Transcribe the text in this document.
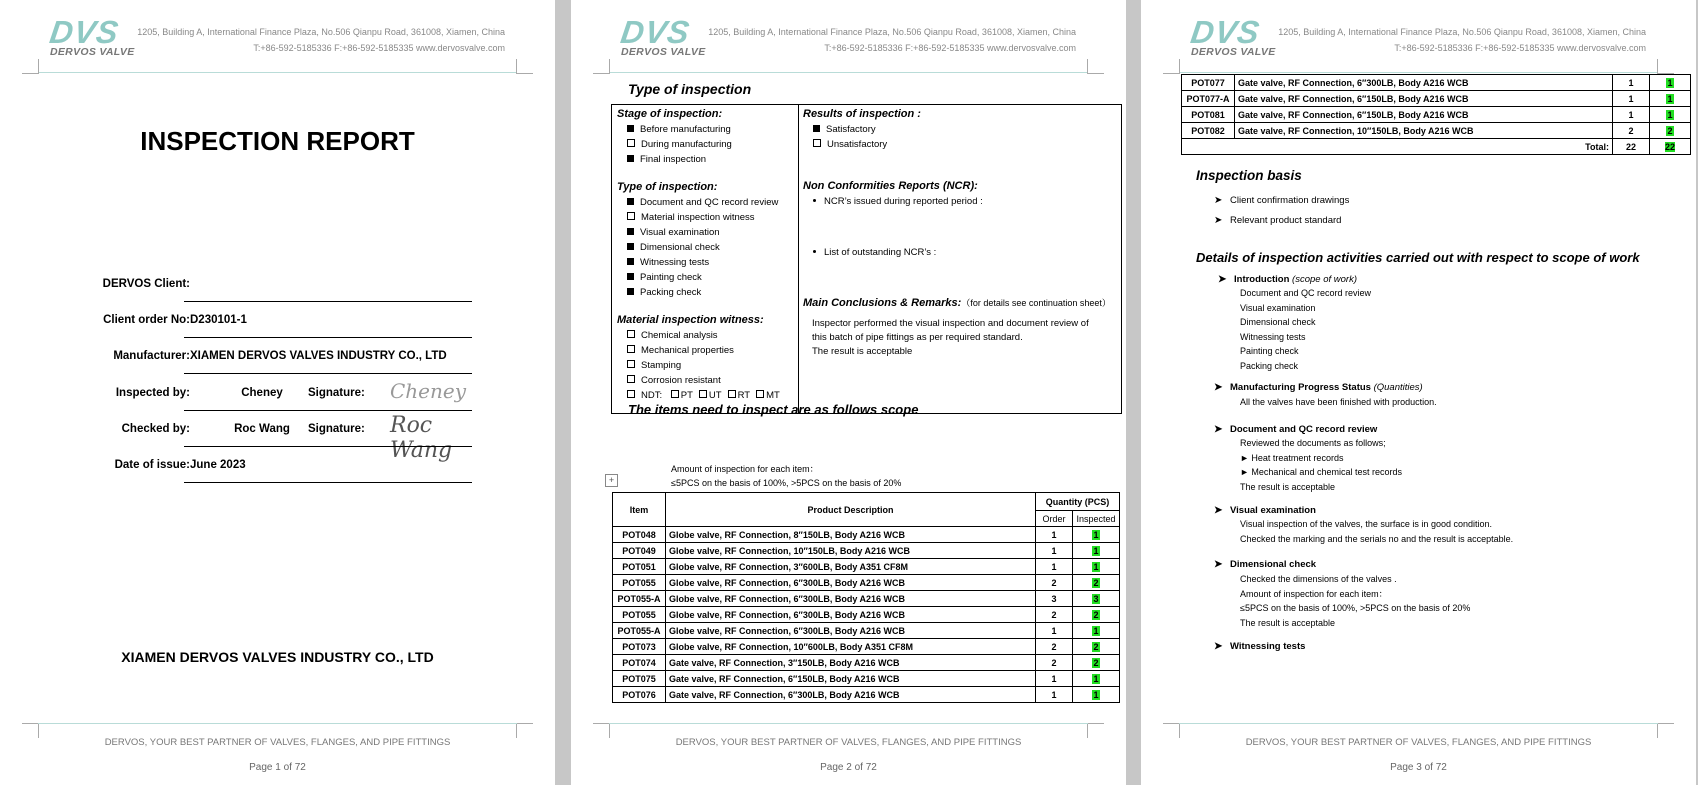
DVS
DERVOS VALVE
1205, Building A, International Finance Plaza, No.506 Qianpu Road, 361008, Xiamen, China
T:+86-592-5185336 F:+86-592-5185335 www.dervosvalve.com
INSPECTION REPORT
DERVOS Client:
Client order No: D230101-1
Manufacturer: XIAMEN DERVOS VALVES INDUSTRY CO., LTD
Inspected by:	Cheney	Signature: Cheney
Checked by:	Roc Wang	Signature: Roc Wang
Date of issue: June 2023
XIAMEN DERVOS VALVES INDUSTRY CO., LTD
DERVOS, YOUR BEST PARTNER OF VALVES, FLANGES, AND PIPE FITTINGS
Page 1 of 72
DVS
DERVOS VALVE
1205, Building A, International Finance Plaza, No.506 Qianpu Road, 361008, Xiamen, China
T:+86-592-5185336 F:+86-592-5185335 www.dervosvalve.com
Type of inspection
Stage of inspection:
Before manufacturing
During manufacturing
Final inspection
Type of inspection:
Document and QC record review
Material inspection witness
Visual examination
Dimensional check
Witnessing tests
Painting check
Packing check
Material inspection witness:
Chemical analysis
Mechanical properties
Stamping
Corrosion resistant
NDT: PT UT RT MT
Results of inspection :
Satisfactory
Unsatisfactory
Non Conformities Reports (NCR):
NCR’s issued during reported period :
List of outstanding NCR’s :
Main Conclusions & Remarks:（for details see continuation sheet）
Inspector performed the visual inspection and document review of
this batch of pipe fittings as per required standard.
The result is acceptable
The items need to inspect are as follows scope
+
Amount of inspection for each item：
≤5PCS on the basis of 100%, >5PCS on the basis of 20%
Item	Product Description	Quantity (PCS)	
		Order	Inspected
POT048	Globe valve, RF Connection, 8″150LB, Body A216 WCB	1	1
POT049	Globe valve, RF Connection, 10″150LB, Body A216 WCB	1	1
POT051	Globe valve, RF Connection, 3″600LB, Body A351 CF8M	1	1
POT055	Globe valve, RF Connection, 6″300LB, Body A216 WCB	2	2
POT055-A	Globe valve, RF Connection, 6″300LB, Body A216 WCB	3	3
POT055	Globe valve, RF Connection, 6″300LB, Body A216 WCB	2	2
POT055-A	Globe valve, RF Connection, 6″300LB, Body A216 WCB	1	1
POT073	Globe valve, RF Connection, 10″600LB, Body A351 CF8M	2	2
POT074	Gate valve, RF Connection, 3″150LB, Body A216 WCB	2	2
POT075	Gate valve, RF Connection, 6″150LB, Body A216 WCB	1	1
POT076	Gate valve, RF Connection, 6″300LB, Body A216 WCB	1	1
DERVOS, YOUR BEST PARTNER OF VALVES, FLANGES, AND PIPE FITTINGS
Page 2 of 72
DVS
DERVOS VALVE
1205, Building A, International Finance Plaza, No.506 Qianpu Road, 361008, Xiamen, China
T:+86-592-5185336 F:+86-592-5185335 www.dervosvalve.com
POT077	Gate valve, RF Connection, 6″300LB, Body A216 WCB	1	1
POT077-A	Gate valve, RF Connection, 6″150LB, Body A216 WCB	1	1
POT081	Gate valve, RF Connection, 6″150LB, Body A216 WCB	1	1
POT082	Gate valve, RF Connection, 10″150LB, Body A216 WCB	2	2
Total:		22	22
Inspection basis
➤ Client confirmation drawings
➤ Relevant product standard
Details of inspection activities carried out with respect to scope of work
➤ Introduction (scope of work)
Document and QC record review
Visual examination
Dimensional check
Witnessing tests
Painting check
Packing check
➤ Manufacturing Progress Status (Quantities)
All the valves have been finished with production.
➤ Document and QC record review
Reviewed the documents as follows;
► Heat treatment records
► Mechanical and chemical test records
The result is acceptable
➤ Visual examination
Visual inspection of the valves, the surface is in good condition.
Checked the marking and the serials no and the result is acceptable.
➤ Dimensional check
Checked the dimensions of the valves .
Amount of inspection for each item：
≤5PCS on the basis of 100%, >5PCS on the basis of 20%
The result is acceptable
➤ Witnessing tests
DERVOS, YOUR BEST PARTNER OF VALVES, FLANGES, AND PIPE FITTINGS
Page 3 of 72
